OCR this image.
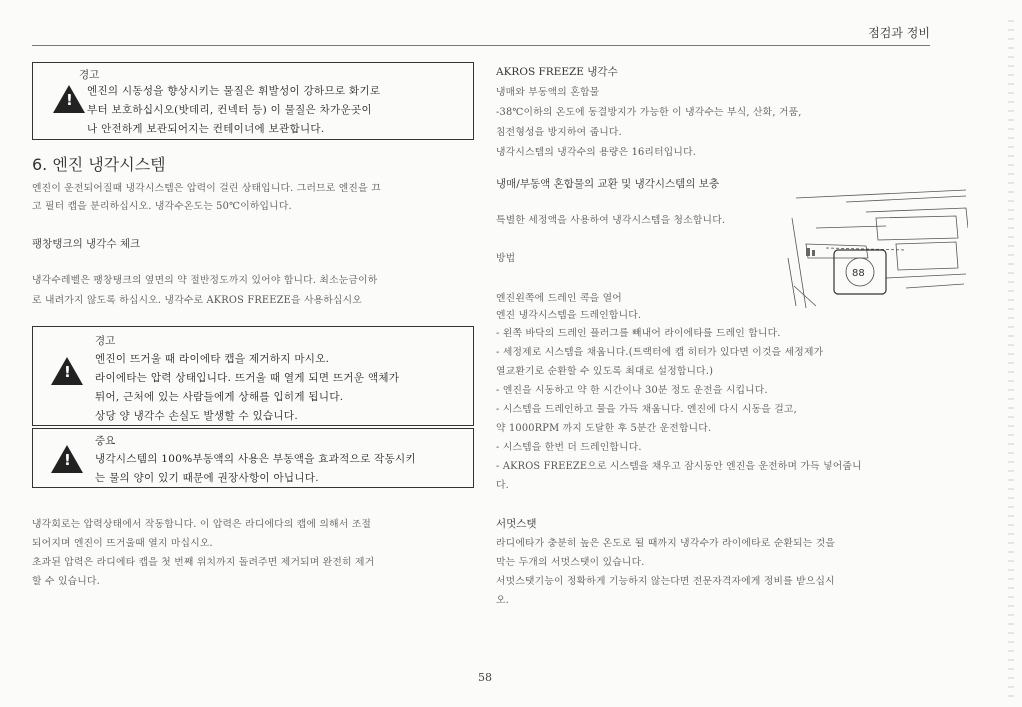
점검과 정비
!
경고
엔진의 시동성을 향상시키는 물질은 휘발성이 강하므로 화기로
부터 보호하십시오(밧데리, 컨넥터 등) 이 물질은 차가운곳이
나 안전하게 보관되어지는 컨테이너에 보관합니다.
6. 엔진 냉각시스템
엔진이 운전되어질때 냉각시스템은 압력이 걸린 상태입니다. 그러므로 엔진을 끄
고 필터 캡을 분리하십시오. 냉각수온도는 50℃이하입니다.
팽창탱크의 냉각수 체크
냉각수레벨은 팽창탱크의 옆면의 약 절반정도까지 있어야 합니다. 최소눈금이하
로 내려가지 않도록 하십시오. 냉각수로 AKROS FREEZE을 사용하십시오
!
경고
엔진이 뜨거울 때 라이에타 캡을 제거하지 마시오.
라이에타는 압력 상태입니다. 뜨거울 때 열게 되면 뜨거운 액체가
튀어, 근처에 있는 사람들에게 상해를 입히게 됩니다.
상당 양 냉각수 손실도 발생할 수 있습니다.
!
중요
냉각시스템의 100%부동액의 사용은 부동액을 효과적으로 작동시키
는 물의 양이 있기 때문에 권장사항이 아닙니다.
냉각회로는 압력상태에서 작동합니다. 이 압력은 라디에다의 캡에 의해서 조절
되어지며 엔진이 뜨거울때 열지 마십시오.
초과된 압력은 라디에타 캡을 첫 번째 위치까지 돌려주면 제거되며 완전히 제거
할 수 있습니다.
AKROS FREEZE 냉각수
냉매와 부동액의 혼합물
-38℃이하의 온도에 동결방지가 가능한 이 냉각수는 부식, 산화, 거품,
침전형성을 방지하여 줍니다.
냉각시스템의 냉각수의 용량은 16리터입니다.
냉매/부동액 혼합물의 교환 및 냉각시스템의 보충
특별한 세정액을 사용하여 냉각시스템을 청소합니다.
방법
엔진왼쪽에 드레인 콕을 열어
엔진 냉각시스템을 드레인합니다.
- 왼쪽 바닥의 드레인 플러그를 빼내어 라이에타를 드레인 합니다.
- 세정제로 시스템을 채웁니다.(트랙터에 캡 히터가 있다면 이것을 세정제가
열교환기로 순환할 수 있도록 최대로 설정합니다.)
- 엔진을 시동하고 약 한 시간이나 30분 정도 운전을 시킵니다.
- 시스템을 드레인하고 물을 가득 채웁니다. 엔진에 다시 시동을 걸고,
약 1000RPM 까지 도달한 후 5분간 운전합니다.
- 시스템을 한번 더 드레인합니다.
- AKROS FREEZE으로 시스템을 채우고 잠시동안 엔진을 운전하며 가득 넣어줍니
다.
서멋스탯
라디에타가 충분히 높은 온도로 될 때까지 냉각수가 라이에타로 순환되는 것을
막는 두개의 서멋스탯이 있습니다.
서멋스탯기능이 정확하게 기능하지 않는다면 전문자격자에게 정비를 받으십시
오.
88
58
